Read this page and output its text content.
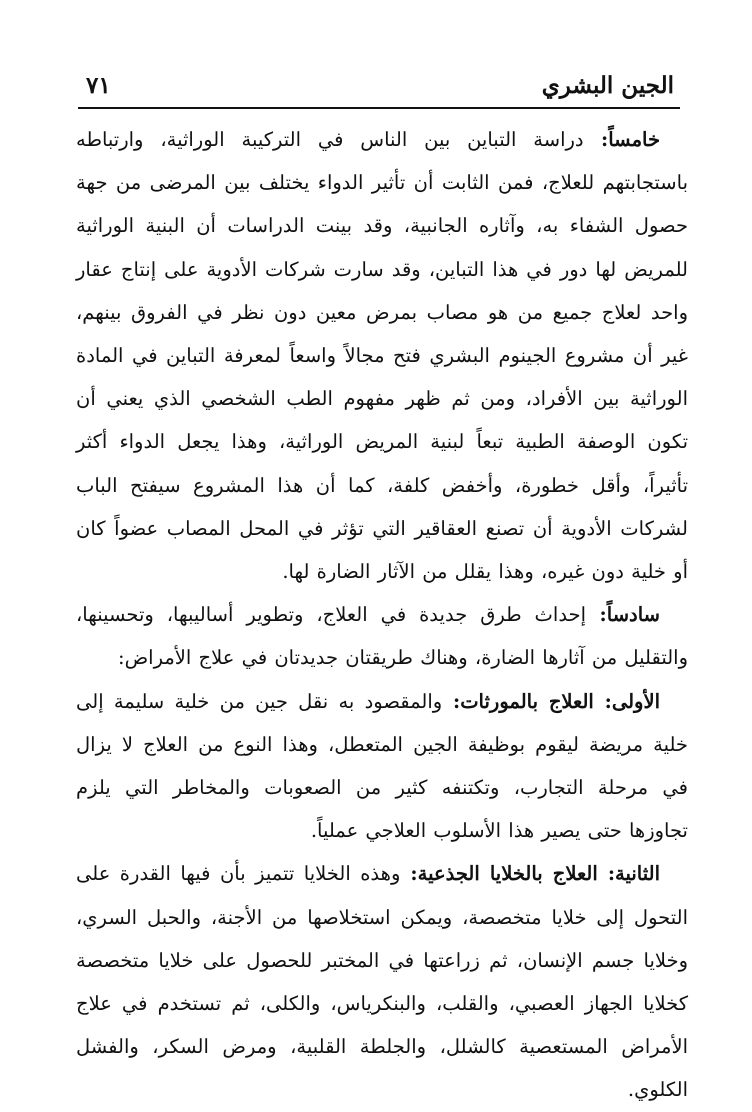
الجين البشري
٧١

خامساً: دراسة التباين بين الناس في التركيبة الوراثية، وارتباطه باستجابتهم للعلاج، فمن الثابت أن تأثير الدواء يختلف بين المرضى من جهة حصول الشفاء به، وآثاره الجانبية، وقد بينت الدراسات أن البنية الوراثية للمريض لها دور في هذا التباين، وقد سارت شركات الأدوية على إنتاج عقار واحد لعلاج جميع من هو مصاب بمرض معين دون نظر في الفروق بينهم، غير أن مشروع الجينوم البشري فتح مجالاً واسعاً لمعرفة التباين في المادة الوراثية بين الأفراد، ومن ثم ظهر مفهوم الطب الشخصي الذي يعني أن تكون الوصفة الطبية تبعاً لبنية المريض الوراثية، وهذا يجعل الدواء أكثر تأثيراً، وأقل خطورة، وأخفض كلفة، كما أن هذا المشروع سيفتح الباب لشركات الأدوية أن تصنع العقاقير التي تؤثر في المحل المصاب عضواً كان أو خلية دون غيره، وهذا يقلل من الآثار الضارة لها.

سادساً: إحداث طرق جديدة في العلاج، وتطوير أساليبها، وتحسينها، والتقليل من آثارها الضارة، وهناك طريقتان جديدتان في علاج الأمراض:

الأولى: العلاج بالمورثات: والمقصود به نقل جين من خلية سليمة إلى خلية مريضة ليقوم بوظيفة الجين المتعطل، وهذا النوع من العلاج لا يزال في مرحلة التجارب، وتكتنفه كثير من الصعوبات والمخاطر التي يلزم تجاوزها حتى يصير هذا الأسلوب العلاجي عملياً.

الثانية: العلاج بالخلايا الجذعية: وهذه الخلايا تتميز بأن فيها القدرة على التحول إلى خلايا متخصصة، ويمكن استخلاصها من الأجنة، والحبل السري، وخلايا جسم الإنسان، ثم زراعتها في المختبر للحصول على خلايا متخصصة كخلايا الجهاز العصبي، والقلب، والبنكرياس، والكلى، ثم تستخدم في علاج الأمراض المستعصية كالشلل، والجلطة القلبية، ومرض السكر، والفشل الكلوي.
